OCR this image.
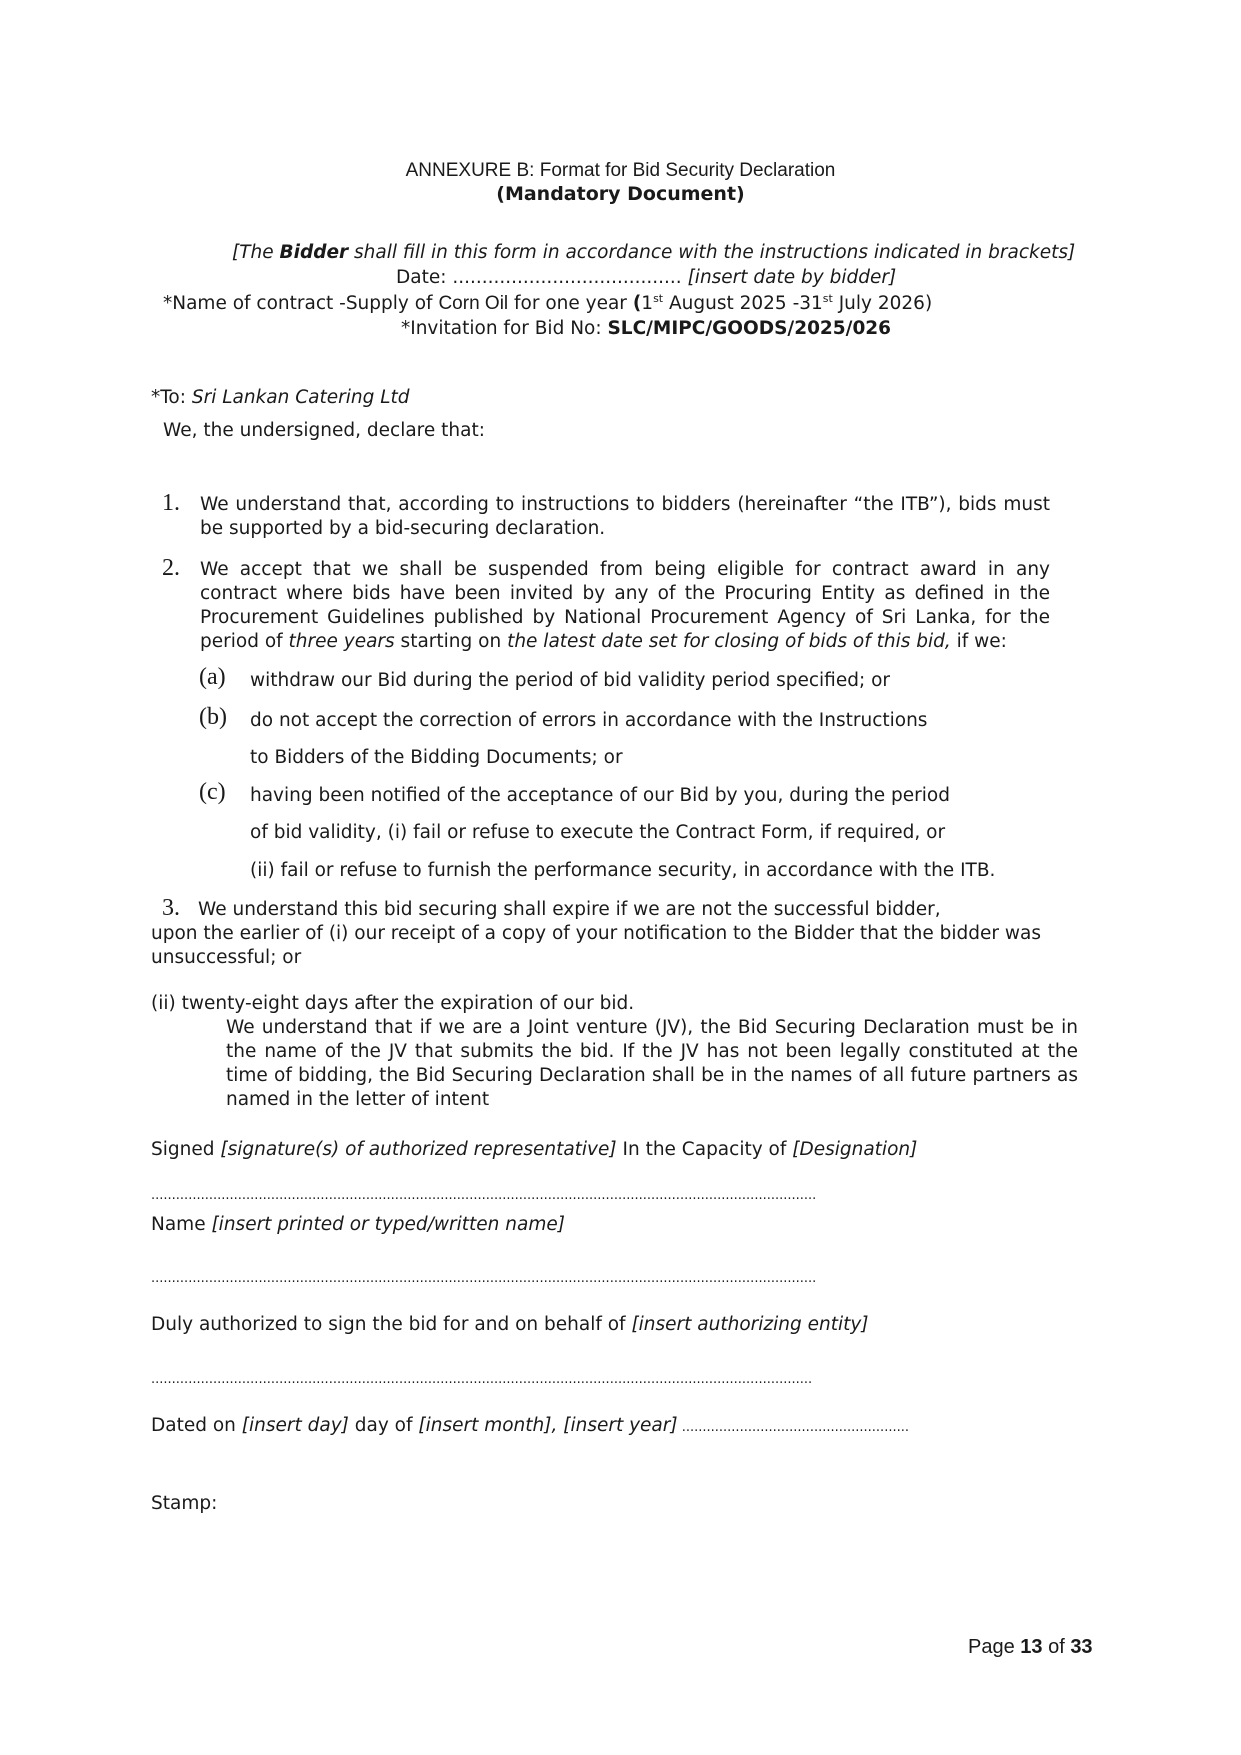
ANNEXURE B: Format for Bid Security Declaration
(Mandatory Document)
[The Bidder shall fill in this form in accordance with the instructions indicated in brackets]
Date: ....................................... [insert date by bidder]
*Name of contract -Supply of Corn Oil for one year (1st August 2025 -31st July 2026)
*Invitation for Bid No: SLC/MIPC/GOODS/2025/026
*To: Sri Lankan Catering Ltd
We, the undersigned, declare that:
1. We understand that, according to instructions to bidders (hereinafter “the ITB”), bids must be supported by a bid-securing declaration.
2. We accept that we shall be suspended from being eligible for contract award in any contract where bids have been invited by any of the Procuring Entity as defined in the Procurement Guidelines published by National Procurement Agency of Sri Lanka, for the period of three years starting on the latest date set for closing of bids of this bid, if we:
(a) withdraw our Bid during the period of bid validity period specified; or
(b) do not accept the correction of errors in accordance with the Instructions
to Bidders of the Bidding Documents; or
(c) having been notified of the acceptance of our Bid by you, during the period
of bid validity, (i) fail or refuse to execute the Contract Form, if required, or
(ii) fail or refuse to furnish the performance security, in accordance with the ITB.
3. We understand this bid securing shall expire if we are not the successful bidder,
upon the earlier of (i) our receipt of a copy of your notification to the Bidder that the bidder was
unsuccessful; or
(ii) twenty-eight days after the expiration of our bid.
We understand that if we are a Joint venture (JV), the Bid Securing Declaration must be in the name of the JV that submits the bid. If the JV has not been legally constituted at the time of bidding, the Bid Securing Declaration shall be in the names of all future partners as named in the letter of intent
Signed [signature(s) of authorized representative] In the Capacity of [Designation]
.................................................................................................................................................................
Name [insert printed or typed/written name]
.................................................................................................................................................................
Duly authorized to sign the bid for and on behalf of [insert authorizing entity]
................................................................................................................................................................
Dated on [insert day] day of [insert month], [insert year] .......................................................
Stamp:
Page 13 of 33
